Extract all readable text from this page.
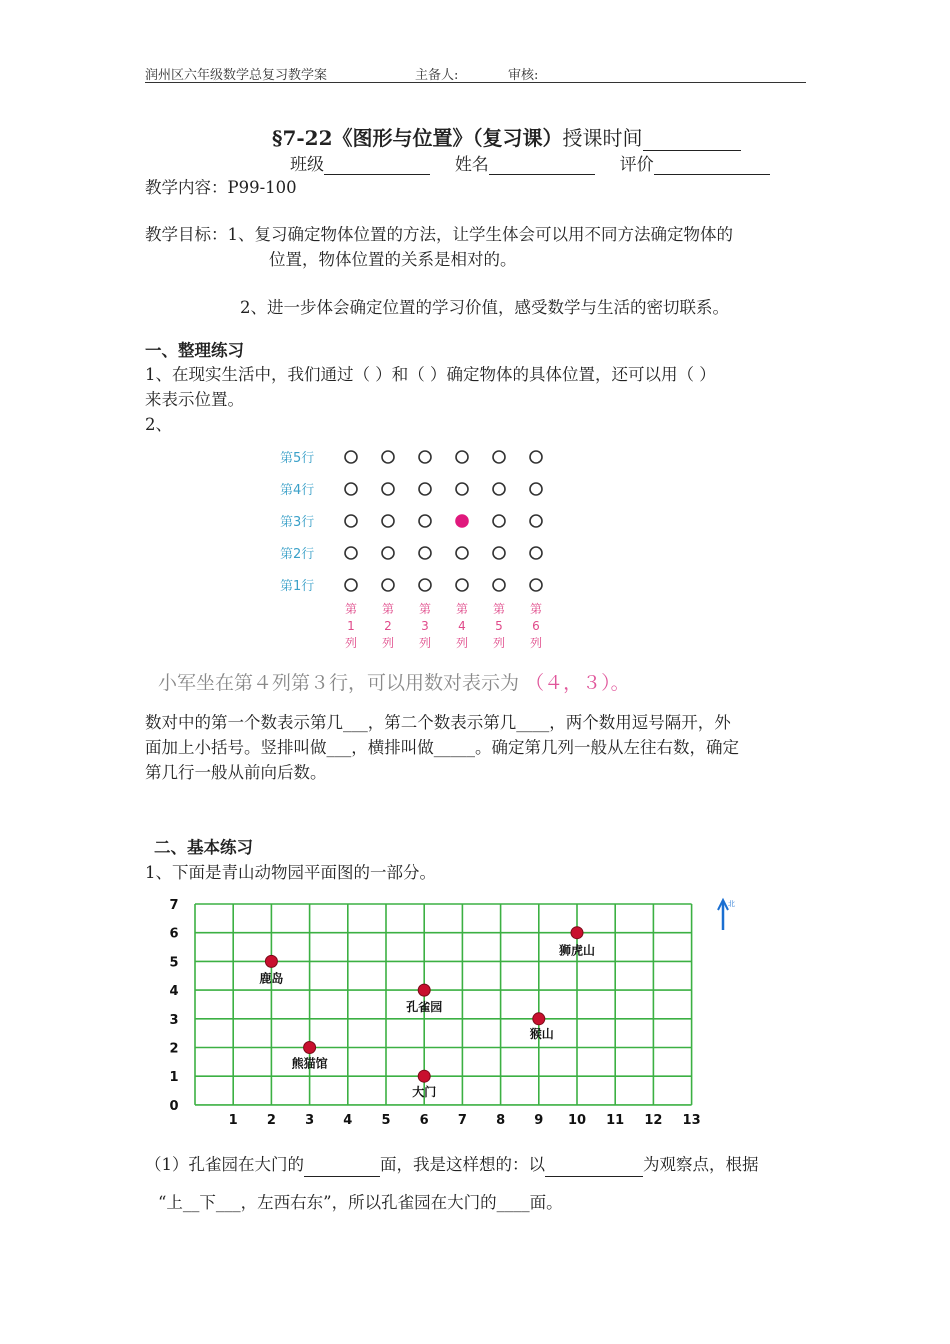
润州区六年级数学总复习教学案	主备人:	审核:
§7-22《图形与位置》（复习课）授课时间
班级	姓名	评价
教学内容：P99-100
教学目标：1、复习确定物体位置的方法，让学生体会可以用不同方法确定物体的
位置，物体位置的关系是相对的。
2、进一步体会确定位置的学习价值，感受数学与生活的密切联系。
一、整理练习
1、在现实生活中，我们通过（ ）和（ ）确定物体的具体位置，还可以用（ ）
来表示位置。
2、
第5行
第4行
第3行
第2行
第1行
第
1
列
第
2
列
第
3
列
第
4
列
第
5
列
第
6
列
小军坐在第４列第３行，可以用数对表示为 （４，３）。
数对中的第一个数表示第几___，第二个数表示第几____，两个数用逗号隔开，外
面加上小括号。竖排叫做___，横排叫做_____。确定第几列一般从左往右数，确定
第几行一般从前向后数。
二、基本练习
1、下面是青山动物园平面图的一部分。
1 2 3 4 5 6 7 8 9 10 11 12 13
0
1
2
3
4
5
6
7
鹿岛
熊猫馆
孔雀园
大门
猴山
狮虎山
北
（1）孔雀园在大门的	面，我是这样想的：以	为观察点，根据
“上__下___，左西右东”，所以孔雀园在大门的____面。
